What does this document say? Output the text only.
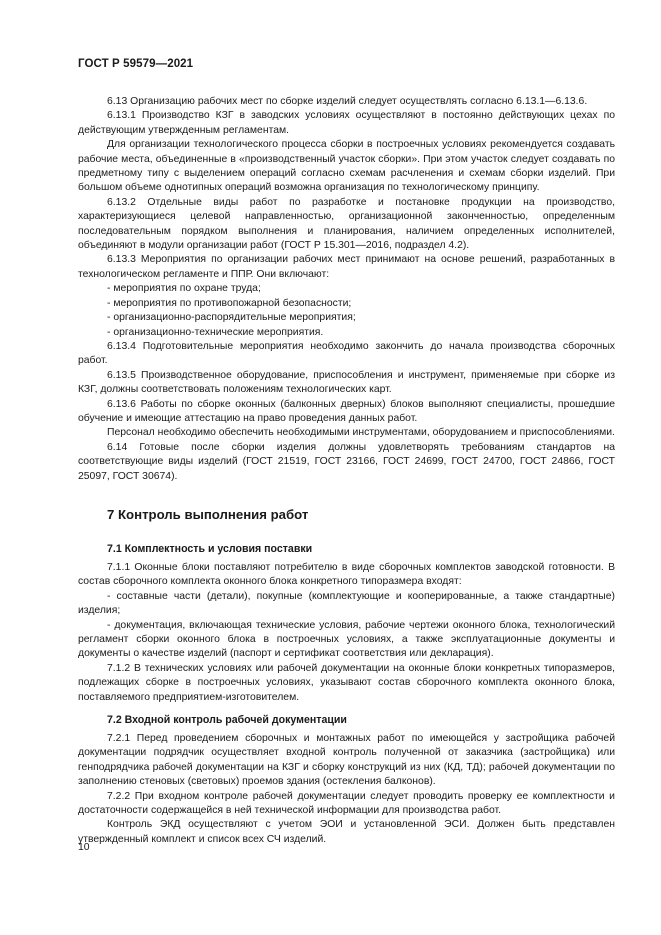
ГОСТ Р 59579—2021

6.13 Организацию рабочих мест по сборке изделий следует осуществлять согласно 6.13.1—6.13.6.

6.13.1 Производство КЗГ в заводских условиях осуществляют в постоянно действующих цехах по действующим утвержденным регламентам.

Для организации технологического процесса сборки в построечных условиях рекомендуется создавать рабочие места, объединенные в «производственный участок сборки». При этом участок следует создавать по предметному типу с выделением операций согласно схемам расчленения и схемам сборки изделий. При большом объеме однотипных операций возможна организация по технологическому принципу.

6.13.2 Отдельные виды работ по разработке и постановке продукции на производство, характеризующиеся целевой направленностью, организационной законченностью, определенным последовательным порядком выполнения и планирования, наличием определенных исполнителей, объединяют в модули организации работ (ГОСТ Р 15.301—2016, подраздел 4.2).

6.13.3 Мероприятия по организации рабочих мест принимают на основе решений, разработанных в технологическом регламенте и ППР. Они включают:

- мероприятия по охране труда;

- мероприятия по противопожарной безопасности;

- организационно-распорядительные мероприятия;

- организационно-технические мероприятия.

6.13.4 Подготовительные мероприятия необходимо закончить до начала производства сборочных работ.

6.13.5 Производственное оборудование, приспособления и инструмент, применяемые при сборке из КЗГ, должны соответствовать положениям технологических карт.

6.13.6 Работы по сборке оконных (балконных дверных) блоков выполняют специалисты, прошедшие обучение и имеющие аттестацию на право проведения данных работ.

Персонал необходимо обеспечить необходимыми инструментами, оборудованием и приспособлениями.

6.14 Готовые после сборки изделия должны удовлетворять требованиям стандартов на соответствующие виды изделий (ГОСТ 21519, ГОСТ 23166, ГОСТ 24699, ГОСТ 24700, ГОСТ 24866, ГОСТ 25097, ГОСТ 30674).

7 Контроль выполнения работ
7.1 Комплектность и условия поставки

7.1.1 Оконные блоки поставляют потребителю в виде сборочных комплектов заводской готовности. В состав сборочного комплекта оконного блока конкретного типоразмера входят:

- составные части (детали), покупные (комплектующие и кооперированные, а также стандартные) изделия;

- документация, включающая технические условия, рабочие чертежи оконного блока, технологический регламент сборки оконного блока в построечных условиях, а также эксплуатационные документы и документы о качестве изделий (паспорт и сертификат соответствия или декларация).

7.1.2 В технических условиях или рабочей документации на оконные блоки конкретных типоразмеров, подлежащих сборке в построечных условиях, указывают состав сборочного комплекта оконного блока, поставляемого предприятием-изготовителем.

7.2 Входной контроль рабочей документации

7.2.1 Перед проведением сборочных и монтажных работ по имеющейся у застройщика рабочей документации подрядчик осуществляет входной контроль полученной от заказчика (застройщика) или генподрядчика рабочей документации на КЗГ и сборку конструкций из них (КД, ТД); рабочей документации по заполнению стеновых (световых) проемов здания (остекления балконов).

7.2.2 При входном контроле рабочей документации следует проводить проверку ее комплектности и достаточности содержащейся в ней технической информации для производства работ.

Контроль ЭКД осуществляют с учетом ЭОИ и установленной ЭСИ. Должен быть представлен утвержденный комплект и список всех СЧ изделий.

10
